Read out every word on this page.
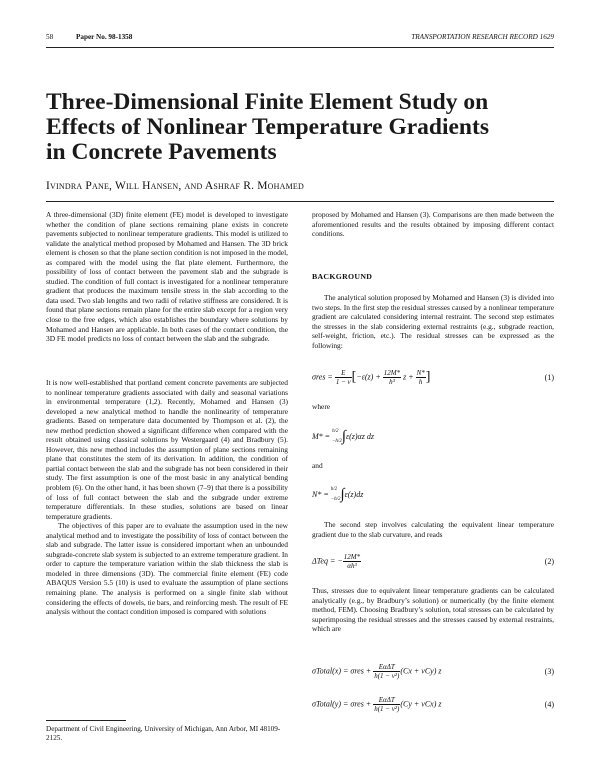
58	Paper No. 98-1358	TRANSPORTATION RESEARCH RECORD 1629
Three-Dimensional Finite Element Study on
Effects of Nonlinear Temperature Gradients
in Concrete Pavements
Ivindra Pane, Will Hansen, and Ashraf R. Mohamed

A three-dimensional (3D) finite element (FE) model is developed to investigate whether the condition of plane sections remaining plane exists in concrete pavements subjected to nonlinear temperature gradients. This model is utilized to validate the analytical method proposed by Mohamed and Hansen. The 3D brick element is chosen so that the plane section condition is not imposed in the model, as compared with the model using the flat plate element. Furthermore, the possibility of loss of contact between the pavement slab and the subgrade is studied. The condition of full contact is investigated for a nonlinear temperature gradient that produces the maximum tensile stress in the slab according to the data used. Two slab lengths and two radii of relative stiffness are considered. It is found that plane sections remain plane for the entire slab except for a region very close to the free edges, which also establishes the boundary where solutions by Mohamed and Hansen are applicable. In both cases of the contact condition, the 3D FE model predicts no loss of contact between the slab and the subgrade.

It is now well-established that portland cement concrete pavements are subjected to nonlinear temperature gradients associated with daily and seasonal variations in environmental temperature (1,2). Recently, Mohamed and Hansen (3) developed a new analytical method to handle the nonlinearity of temperature gradients. Based on temperature data documented by Thompson et al. (2), the new method prediction showed a significant difference when compared with the result obtained using classical solutions by Westergaard (4) and Bradbury (5). However, this new method includes the assumption of plane sections remaining plane that constitutes the stem of its derivation. In addition, the condition of partial contact between the slab and the subgrade has not been considered in their study. The first assumption is one of the most basic in any analytical bending problem (6). On the other hand, it has been shown (7–9) that there is a possibility of loss of full contact between the slab and the subgrade under extreme temperature differentials. In these studies, solutions are based on linear temperature gradients.

The objectives of this paper are to evaluate the assumption used in the new analytical method and to investigate the possibility of loss of contact between the slab and subgrade. The latter issue is considered important when an unbounded subgrade-concrete slab system is subjected to an extreme temperature gradient. In order to capture the temperature variation within the slab thickness the slab is modeled in three dimensions (3D). The commercial finite element (FE) code ABAQUS Version 5.5 (10) is used to evaluate the assumption of plane sections remaining plane. The analysis is performed on a single finite slab without considering the effects of dowels, tie bars, and reinforcing mesh. The result of FE analysis without the contact condition imposed is compared with solutions

Department of Civil Engineering, University of Michigan, Ann Arbor, MI 48109-2125.

proposed by Mohamed and Hansen (3). Comparisons are then made between the aforementioned results and the results obtained by imposing different contact conditions.

BACKGROUND

The analytical solution proposed by Mohamed and Hansen (3) is divided into two steps. In the first step the residual stresses caused by a nonlinear temperature gradient are calculated considering internal restraint. The second step estimates the stresses in the slab considering external restraints (e.g., subgrade reaction, self-weight, friction, etc.). The residual stresses can be expressed as the following:

$\sigma res = \frac{E}{1 - \nu} [-\varepsilon(z) + \frac{12M*}{\text{h³}}$ $z + \frac{N*}{h}$ ]	(1)
where
M* = h/2
−h/2∫ε(z)αz dz
and
N* = h/2
−h/2∫ε(z)dz

The second step involves calculating the equivalent linear temperature gradient due to the slab curvature, and reads

ΔTeq = − $\frac{12M*}{\text{αh³}}$	(2)

Thus, stresses due to equivalent linear temperature gradients can be calculated analytically (e.g., by Bradbury’s solution) or numerically (by the finite element method, FEM). Choosing Bradbury’s solution, total stresses can be calculated by superimposing the residual stresses and the stresses caused by external restraints, which are

σTotal(x) = $\sigma res + \frac{\text{EαΔT}}{\text{h(1 − ν²)}} (Cx + \nu Cy)$ z	(3)
σTotal(y) = $\sigma res + \frac{\text{EαΔT}}{\text{h(1 − ν²)}} (Cy + \nu Cx)$ z	(4)
